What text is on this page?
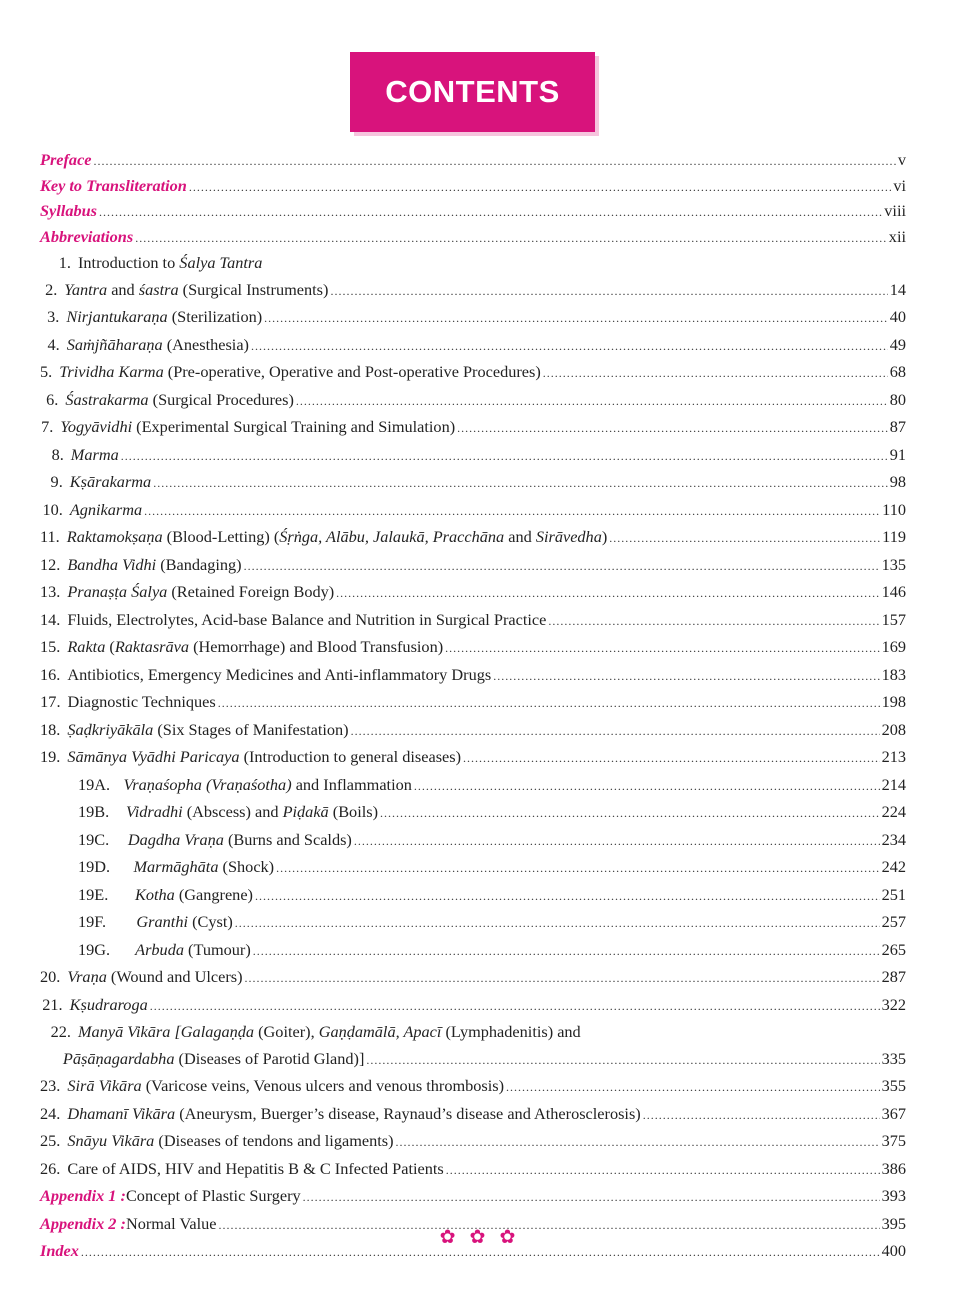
CONTENTS
Preface .....	v
Key to Transliteration .....	vi
Syllabus .....	viii
Abbreviations .....	xii
1. Introduction to Śalya Tantra
2. Yantra and śastra (Surgical Instruments) .....	14
3. Nirjantukaraṇa (Sterilization) .....	40
4. Saṁjñāharaṇa (Anesthesia) .....	49
5. Trividha Karma (Pre-operative, Operative and Post-operative Procedures) .....	68
6. Śastrakarma (Surgical Procedures) .....	80
7. Yogyāvidhi (Experimental Surgical Training and Simulation) .....	87
8. Marma .....	91
9. Kṣārakarma .....	98
10. Agnikarma .....	110
11. Raktamokṣaṇa (Blood-Letting) (Śṛṅga, Alābu, Jalaukā, Pracchāna and Sirāvedha) .....	119
12. Bandha Vidhi (Bandaging) .....	135
13. Pranaṣṭa Śalya (Retained Foreign Body) .....	146
14. Fluids, Electrolytes, Acid-base Balance and Nutrition in Surgical Practice .....	157
15. Rakta (Raktasrāva (Hemorrhage) and Blood Transfusion) .....	169
16. Antibiotics, Emergency Medicines and Anti-inflammatory Drugs .....	183
17. Diagnostic Techniques .....	198
18. Ṣaḍkriyākāla (Six Stages of Manifestation) .....	208
19. Sāmānya Vyādhi Paricaya (Introduction to general diseases) .....	213
19A. Vraṇaśopha (Vraṇaśotha) and Inflammation .....	214
19B.	Vidradhi (Abscess) and Piḍakā (Boils) .....	224
19C.	Dagdha Vraṇa (Burns and Scalds) .....	234
19D.	Marmāghāta (Shock) .....	242
19E.	Kotha (Gangrene) .....	251
19F.	Granthi (Cyst) .....	257
19G.	Arbuda (Tumour) .....	265
20. Vraṇa (Wound and Ulcers) .....	287
21. Kṣudraroga .....	322
22. Manyā Vikāra [Galagaṇḍa (Goiter), Gaṇḍamālā, Apacī (Lymphadenitis) and
Pāṣāṇagardabha (Diseases of Parotid Gland)] .....	335
23. Sirā Vikāra (Varicose veins, Venous ulcers and venous thrombosis) .....	355
24. Dhamanī Vikāra (Aneurysm, Buerger’s disease, Raynaud’s disease and Atherosclerosis) .....	367
25. Snāyu Vikāra (Diseases of tendons and ligaments) .....	375
26. Care of AIDS, HIV and Hepatitis B & C Infected Patients .....	386
Appendix 1 : Concept of Plastic Surgery .....	393
Appendix 2 : Normal Value .....	395
Index .....	400
✿ ✿ ✿
